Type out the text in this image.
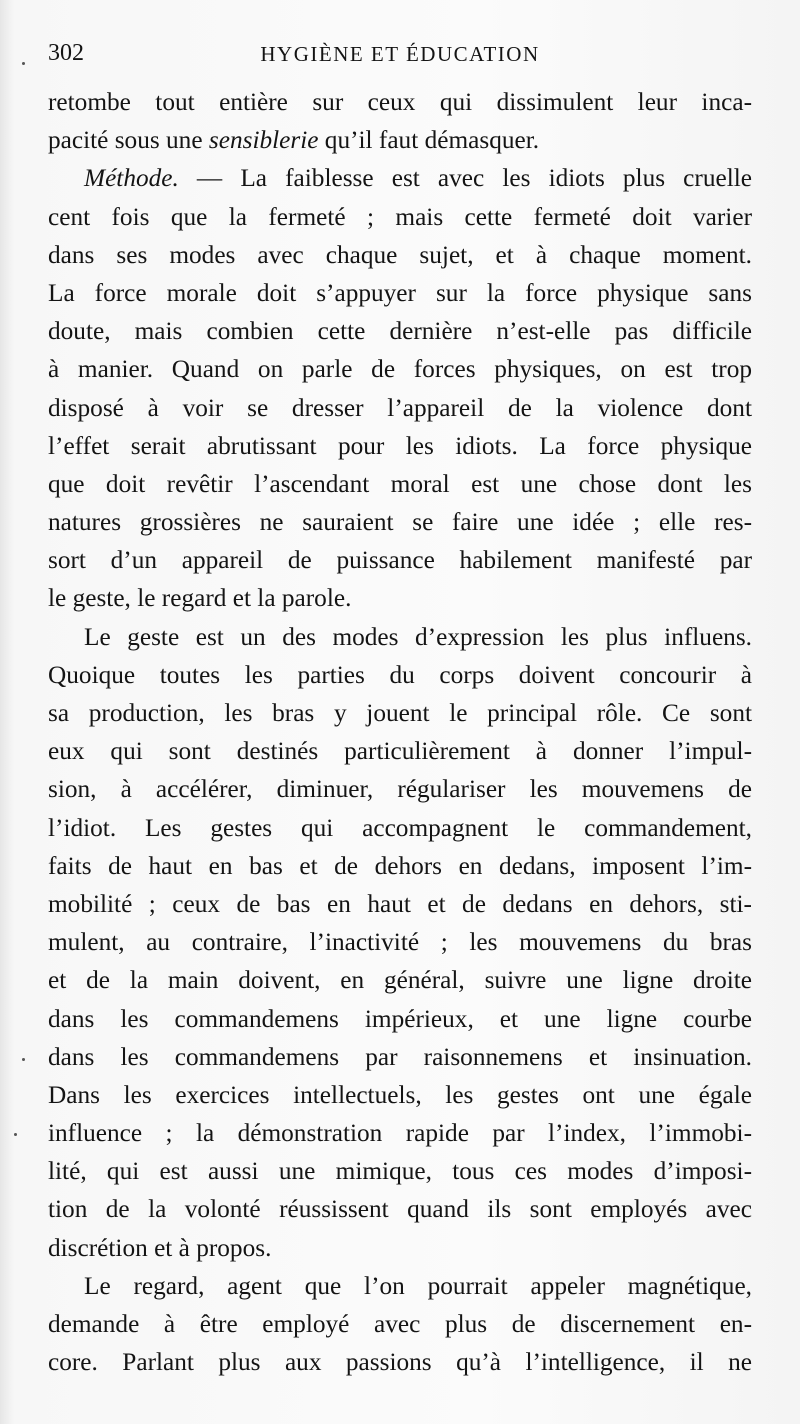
302	HYGIÈNE ET ÉDUCATION
retombe tout entière sur ceux qui dissimulent leur inca-
pacité sous une sensiblerie qu’il faut démasquer.
Méthode. — La faiblesse est avec les idiots plus cruelle
cent fois que la fermeté ; mais cette fermeté doit varier
dans ses modes avec chaque sujet, et à chaque moment.
La force morale doit s’appuyer sur la force physique sans
doute, mais combien cette dernière n’est-elle pas difficile
à manier. Quand on parle de forces physiques, on est trop
disposé à voir se dresser l’appareil de la violence dont
l’effet serait abrutissant pour les idiots. La force physique
que doit revêtir l’ascendant moral est une chose dont les
natures grossières ne sauraient se faire une idée ; elle res-
sort d’un appareil de puissance habilement manifesté par
le geste, le regard et la parole.
Le geste est un des modes d’expression les plus influens.
Quoique toutes les parties du corps doivent concourir à
sa production, les bras y jouent le principal rôle. Ce sont
eux qui sont destinés particulièrement à donner l’impul-
sion, à accélérer, diminuer, régulariser les mouvemens de
l’idiot. Les gestes qui accompagnent le commandement,
faits de haut en bas et de dehors en dedans, imposent l’im-
mobilité ; ceux de bas en haut et de dedans en dehors, sti-
mulent, au contraire, l’inactivité ; les mouvemens du bras
et de la main doivent, en général, suivre une ligne droite
dans les commandemens impérieux, et une ligne courbe
dans les commandemens par raisonnemens et insinuation.
Dans les exercices intellectuels, les gestes ont une égale
influence ; la démonstration rapide par l’index, l’immobi-
lité, qui est aussi une mimique, tous ces modes d’imposi-
tion de la volonté réussissent quand ils sont employés avec
discrétion et à propos.
Le regard, agent que l’on pourrait appeler magnétique,
demande à être employé avec plus de discernement en-
core. Parlant plus aux passions qu’à l’intelligence, il ne
